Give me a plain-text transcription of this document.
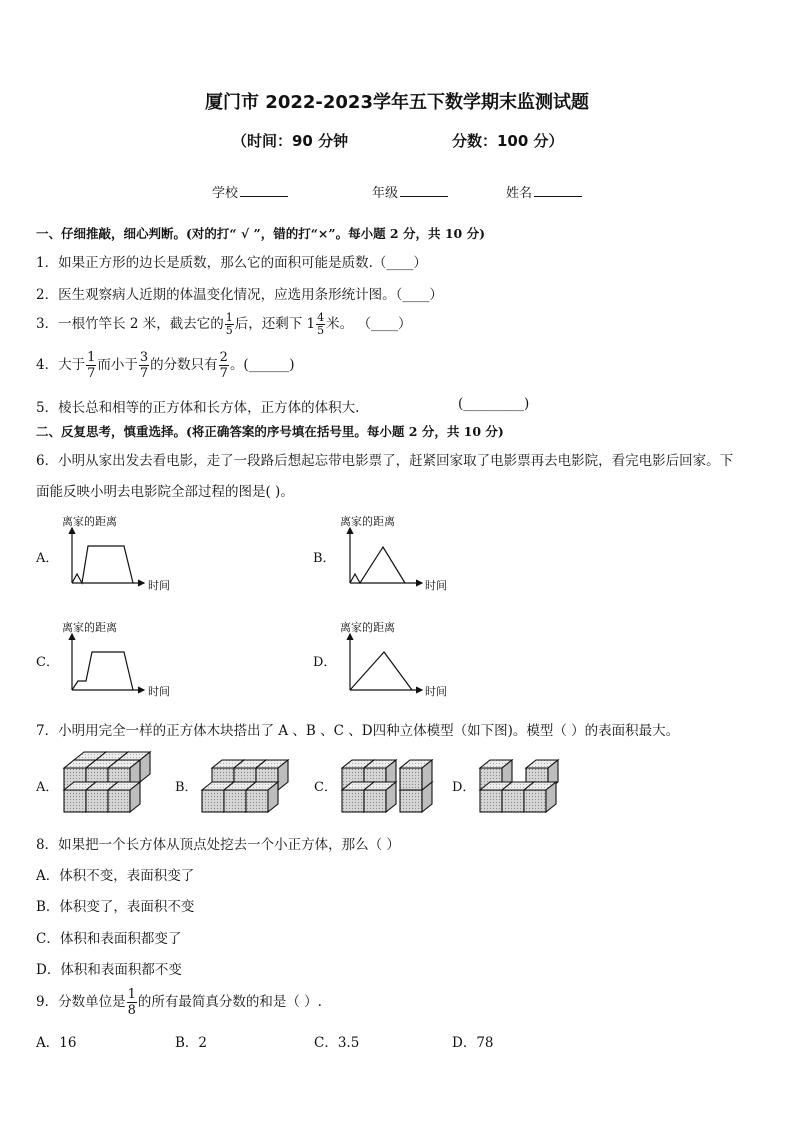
厦门市 2022-2023学年五下数学期末监测试题
（时间：90 分钟	分数：100 分）
学校	年级	姓名
一、仔细推敲，细心判断。(对的打“ √ ”，错的打“×”。每小题 2 分，共 10 分)
1．如果正方形的边长是质数，那么它的面积可能是质数.（____）
2．医生观察病人近期的体温变化情况，应选用条形统计图。（____）
3．一根竹竿长 2 米，截去它的 $\frac{1}{5}$ 后，还剩下 $1 \frac{4}{5}$ 米。 （____）
4．大于 $\frac{1}{7}$ 而小于 $\frac{3}{7}$ 的分数只有 $\frac{2}{7}$ 。(______)
5．棱长总和相等的正方体和长方体，正方体的体积大.	(_________)
二、反复思考，慎重选择。(将正确答案的序号填在括号里。每小题 2 分，共 10 分)
6．小明从家出发去看电影，走了一段路后想起忘带电影票了，赶紧回家取了电影票再去电影院，看完电影后回家。下
面能反映小明去电影院全部过程的图是( )。
A．	B．
C．	D．
离家的距离	离家的距离
离家的距离	离家的距离
时间	时间
时间	时间
7．小明用完全一样的正方体木块搭出了 A 、B 、C 、D四种立体模型（如下图)。模型（ ）的表面积最大。
A．	B．	C．	D．
8．如果把一个长方体从顶点处挖去一个小正方体，那么（ ）
A．体积不变，表面积变了
B．体积变了，表面积不变
C．体积和表面积都变了
D．体积和表面积都不变
9．分数单位是 $\frac{1}{8}$ 的所有最简真分数的和是（ ）.
A．16	B．2	C．3.5	D．78
